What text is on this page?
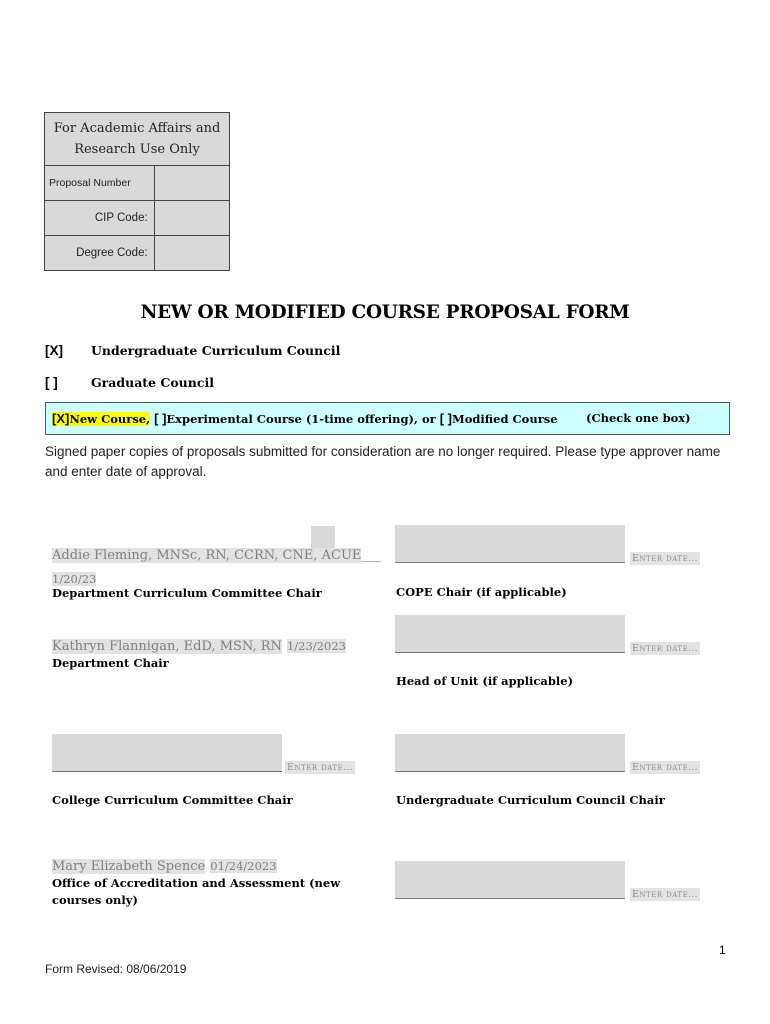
For Academic Affairs and Research Use Only	
Proposal Number	
CIP Code:	
Degree Code:	
NEW OR MODIFIED COURSE PROPOSAL FORM
[X] Undergraduate Curriculum Council
[ ]	Graduate Council
[X]New Course, [ ]Experimental Course (1-time offering), or [ ]Modified Course (Check one box)
Signed paper copies of proposals submitted for consideration are no longer required. Please type approver name and enter date of approval.
Addie Fleming, MNSc, RN, CCRN, CNE, ACUE___
1/20/23
Department Curriculum Committee Chair
Enter date…
COPE Chair (if applicable)
Kathryn Flannigan, EdD, MSN, RN 1/23/2023
Department Chair
Enter date…
Head of Unit (if applicable)
Enter date…
College Curriculum Committee Chair
Enter date…
Undergraduate Curriculum Council Chair
Mary Elizabeth Spence 01/24/2023
Office of Accreditation and Assessment (new courses only)	Enter date…
1
Form Revised: 08/06/2019
